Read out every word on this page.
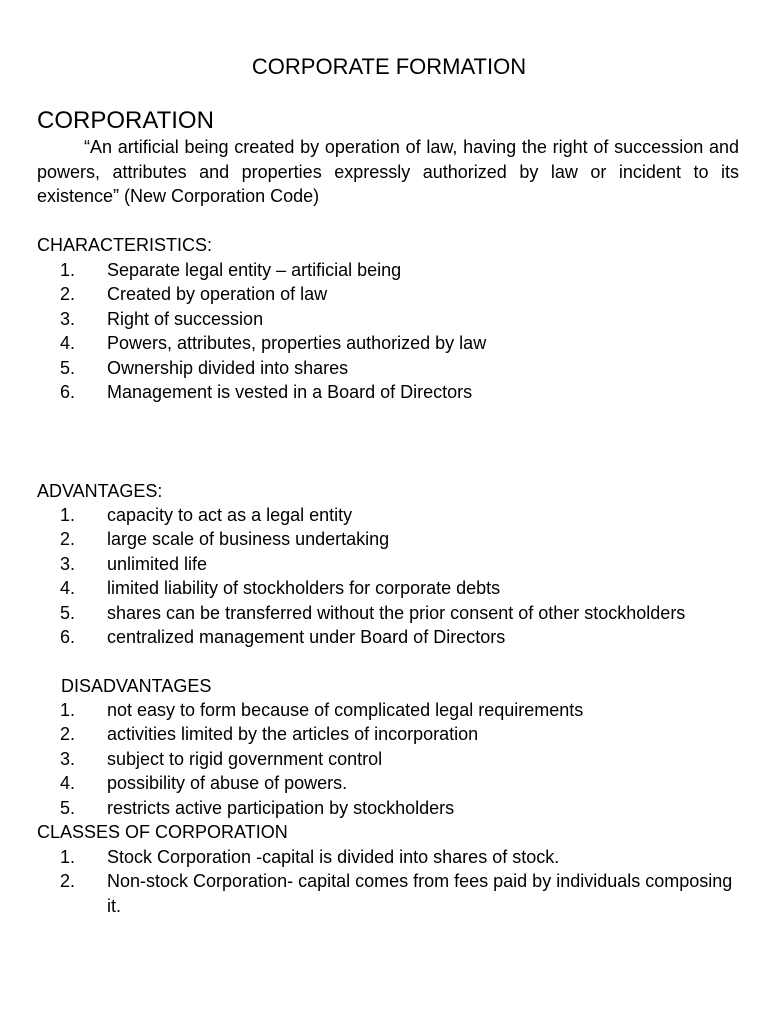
CORPORATE FORMATION
CORPORATION

“An artificial being created by operation of law, having the right of succession and powers, attributes and properties expressly authorized by law or incident to its existence” (New Corporation Code)

CHARACTERISTICS:
1. Separate legal entity – artificial being
2. Created by operation of law
3. Right of succession
4. Powers, attributes, properties authorized by law
5. Ownership divided into shares
6. Management is vested in a Board of Directors
ADVANTAGES:
1. capacity to act as a legal entity
2. large scale of business undertaking
3. unlimited life
4. limited liability of stockholders for corporate debts
5. shares can be transferred without the prior consent of other stockholders
6. centralized management under Board of Directors
DISADVANTAGES
1. not easy to form because of complicated legal requirements
2. activities limited by the articles of incorporation
3. subject to rigid government control
4. possibility of abuse of powers.
5. restricts active participation by stockholders
CLASSES OF CORPORATION
1. Stock Corporation -capital is divided into shares of stock.
2. Non-stock Corporation- capital comes from fees paid by individuals composing it.
